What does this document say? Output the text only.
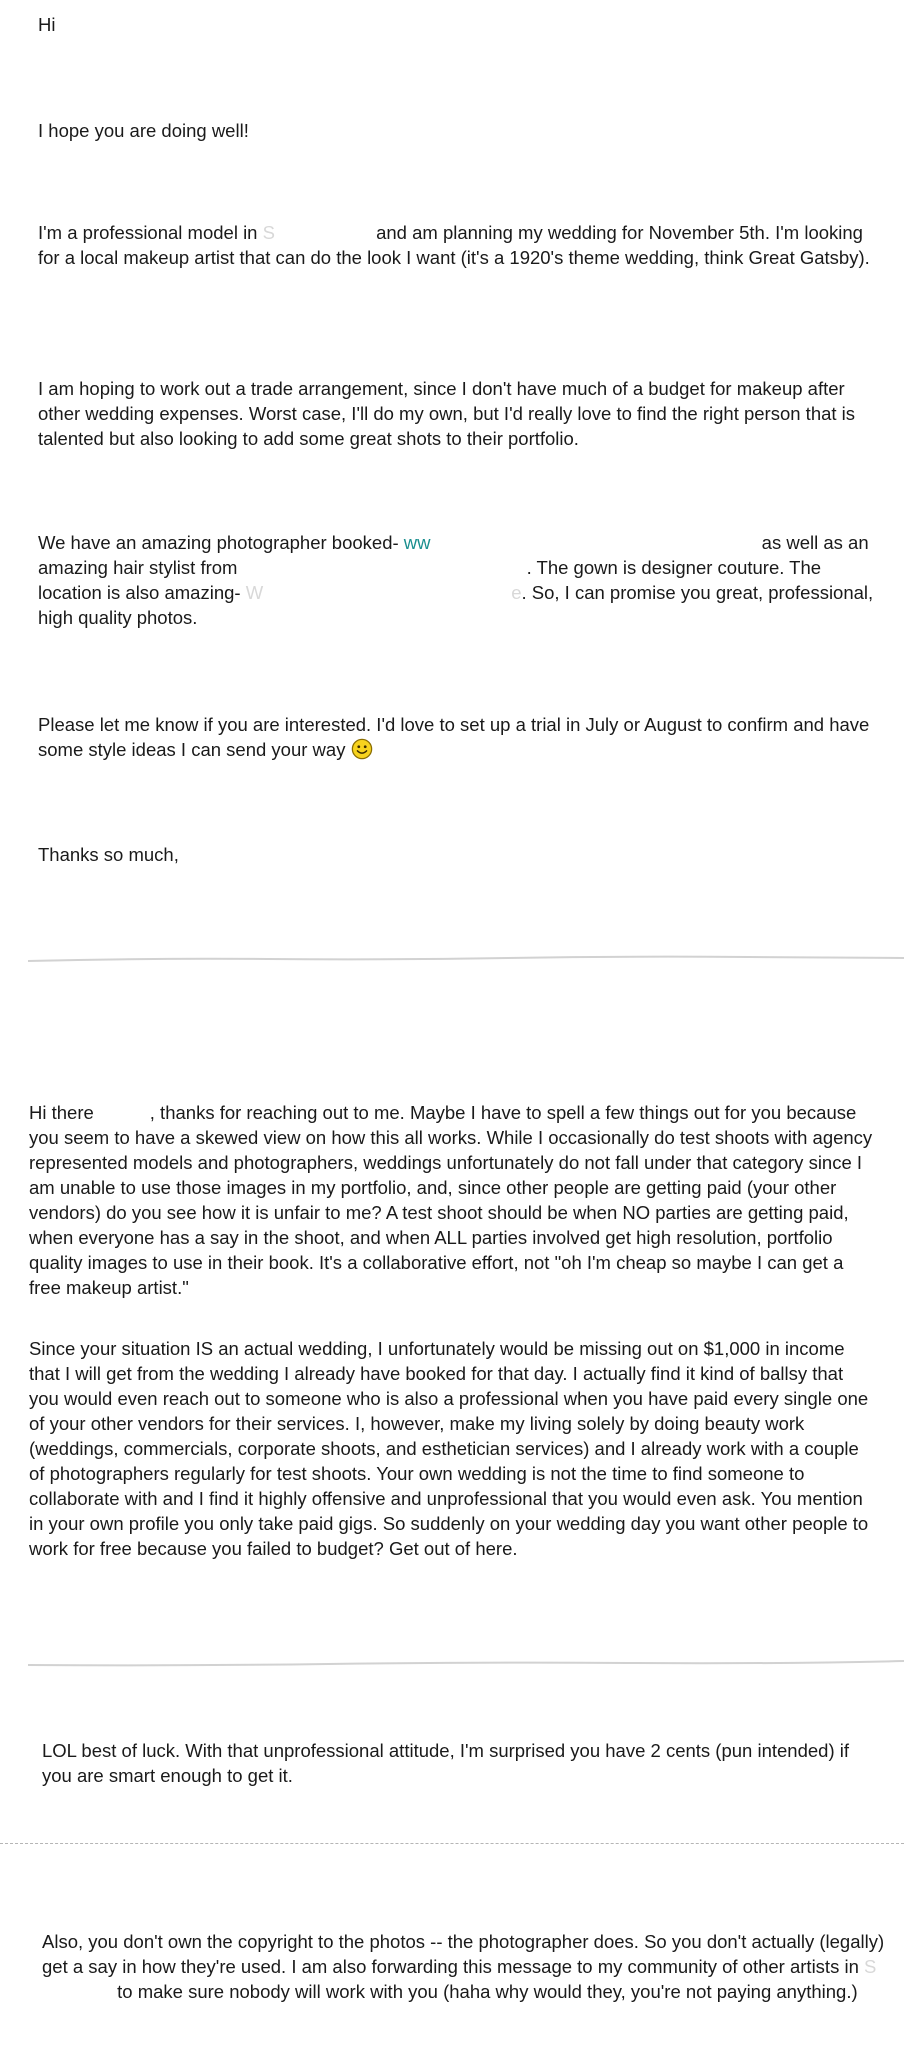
Hi

I hope you are doing well!

I'm a professional model in S	and am planning my wedding for November 5th. I'm looking for a local makeup artist that can do the look I want (it's a 1920's theme wedding, think Great Gatsby).

I am hoping to work out a trade arrangement, since I don't have much of a budget for makeup after other wedding expenses. Worst case, I'll do my own, but I'd really love to find the right person that is talented but also looking to add some great shots to their portfolio.

We have an amazing photographer booked- ww	as well as an amazing hair stylist from	. The gown is designer couture. The location is also amazing- W	e. So, I can promise you great, professional, high quality photos.

Please let me know if you are interested. I'd love to set up a trial in July or August to confirm and have some style ideas I can send your way

Thanks so much,

Hi there	, thanks for reaching out to me. Maybe I have to spell a few things out for you because you seem to have a skewed view on how this all works. While I occasionally do test shoots with agency represented models and photographers, weddings unfortunately do not fall under that category since I am unable to use those images in my portfolio, and, since other people are getting paid (your other vendors) do you see how it is unfair to me? A test shoot should be when NO parties are getting paid, when everyone has a say in the shoot, and when ALL parties involved get high resolution, portfolio quality images to use in their book. It's a collaborative effort, not "oh I'm cheap so maybe I can get a free makeup artist."

Since your situation IS an actual wedding, I unfortunately would be missing out on $1,000 in income that I will get from the wedding I already have booked for that day. I actually find it kind of ballsy that you would even reach out to someone who is also a professional when you have paid every single one of your other vendors for their services. I, however, make my living solely by doing beauty work (weddings, commercials, corporate shoots, and esthetician services) and I already work with a couple of photographers regularly for test shoots. Your own wedding is not the time to find someone to collaborate with and I find it highly offensive and unprofessional that you would even ask. You mention in your own profile you only take paid gigs. So suddenly on your wedding day you want other people to work for free because you failed to budget? Get out of here.

LOL best of luck. With that unprofessional attitude, I'm surprised you have 2 cents (pun intended) if you are smart enough to get it.

Also, you don't own the copyright to the photos -- the photographer does. So you don't actually (legally) get a say in how they're used. I am also forwarding this message to my community of other artists in S to make sure nobody will work with you (haha why would they, you're not paying anything.)
